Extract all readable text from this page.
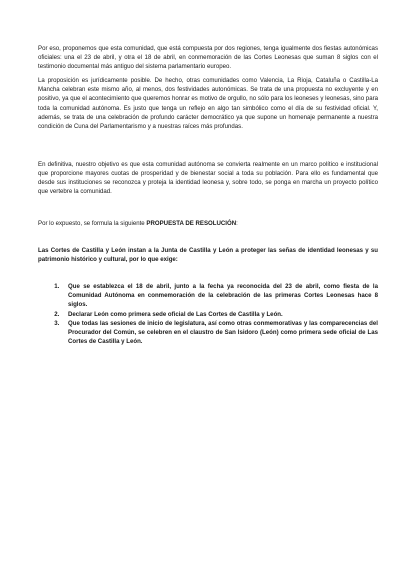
Por eso, proponemos que esta comunidad, que está compuesta por dos regiones, tenga igualmente dos fiestas autonómicas oficiales: una el 23 de abril, y otra el 18 de abril, en conmemoración de las Cortes Leonesas que suman 8 siglos con el testimonio documental más antiguo del sistema parlamentario europeo.

La proposición es jurídicamente posible. De hecho, otras comunidades como Valencia, La Rioja, Cataluña o Castilla-La Mancha celebran este mismo año, al menos, dos festividades autonómicas. Se trata de una propuesta no excluyente y en positivo, ya que el acontecimiento que queremos honrar es motivo de orgullo, no sólo para los leoneses y leonesas, sino para toda la comunidad autónoma. Es justo que tenga un reflejo en algo tan simbólico como el día de su festividad oficial. Y, además, se trata de una celebración de profundo carácter democrático ya que supone un homenaje permanente a nuestra condición de Cuna del Parlamentarismo y a nuestras raíces más profundas.

En definitiva, nuestro objetivo es que esta comunidad autónoma se convierta realmente en un marco político e institucional que proporcione mayores cuotas de prosperidad y de bienestar social a toda su población. Para ello es fundamental que desde sus instituciones se reconozca y proteja la identidad leonesa y, sobre todo, se ponga en marcha un proyecto político que vertebre la comunidad.

Por lo expuesto, se formula la siguiente PROPUESTA DE RESOLUCIÓN:

Las Cortes de Castilla y León instan a la Junta de Castilla y León a proteger las señas de identidad leonesas y su patrimonio histórico y cultural, por lo que exige:

1. Que se establezca el 18 de abril, junto a la fecha ya reconocida del 23 de abril, como fiesta de la Comunidad Autónoma en conmemoración de la celebración de las primeras Cortes Leonesas hace 8 siglos.
2. Declarar León como primera sede oficial de Las Cortes de Castilla y León.
3. Que todas las sesiones de inicio de legislatura, así como otras conmemorativas y las comparecencias del Procurador del Común, se celebren en el claustro de San Isidoro (León) como primera sede oficial de Las Cortes de Castilla y León.
